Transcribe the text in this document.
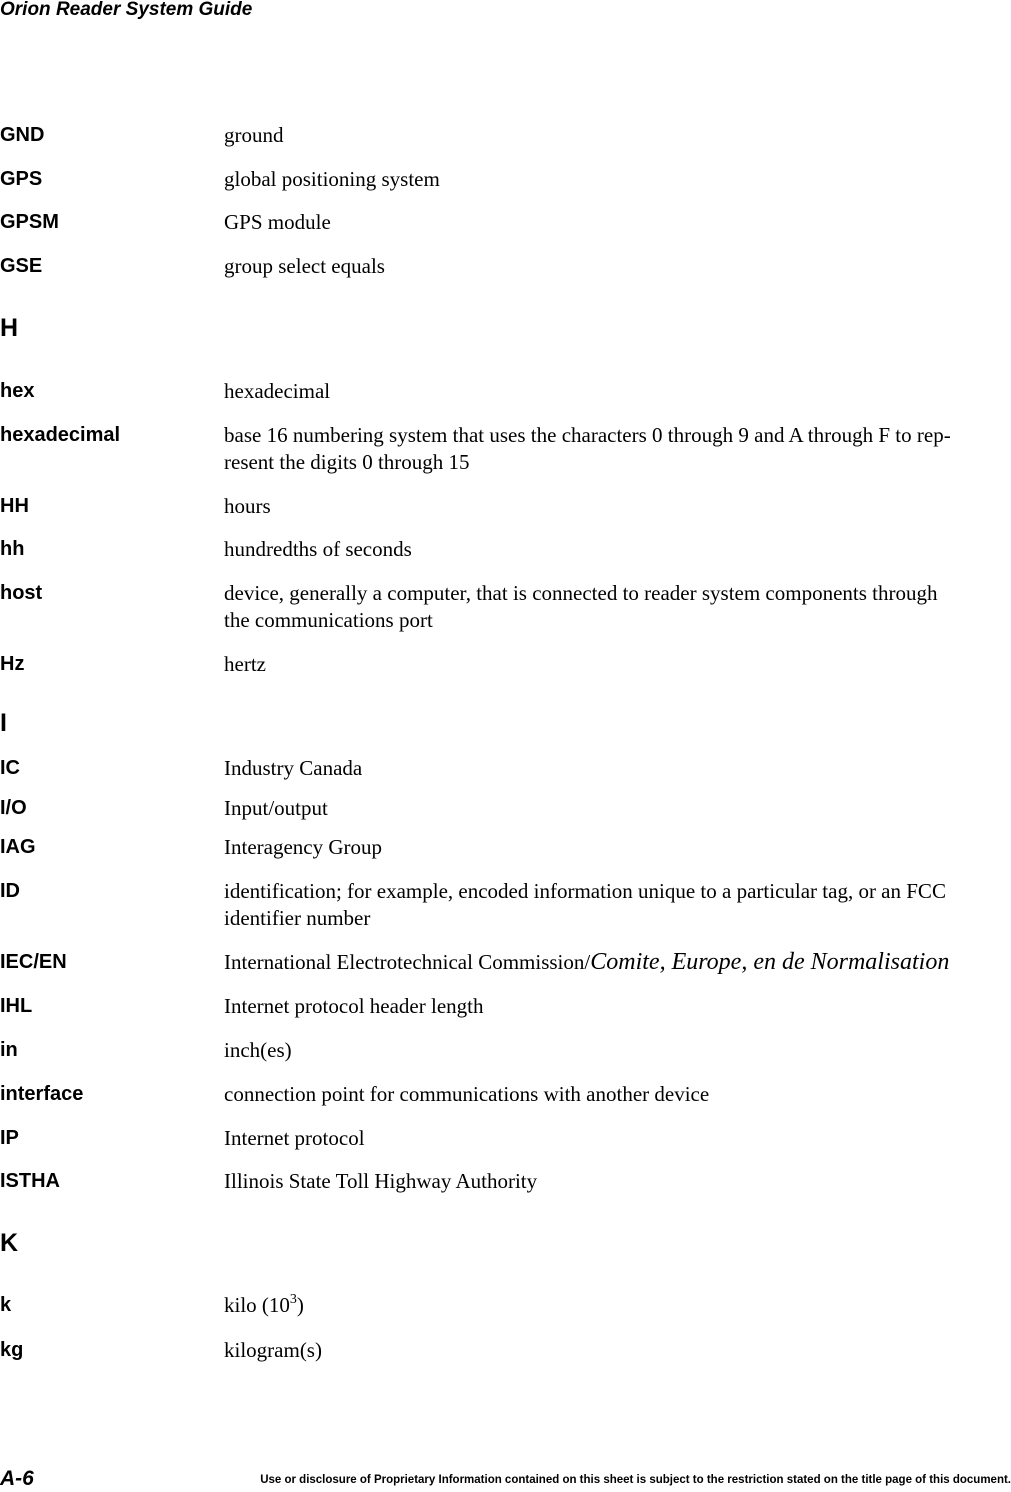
Orion Reader System Guide
GND	ground
GPS	global positioning system
GPSM	GPS module
GSE	group select equals
H
hex	hexadecimal
hexadecimal	base 16 numbering system that uses the characters 0 through 9 and A through F to rep-
resent the digits 0 through 15
HH	hours
hh	hundredths of seconds
host	device, generally a computer, that is connected to reader system components through
the communications port
Hz	hertz
I
IC	Industry Canada
I/O	Input/output
IAG	Interagency Group
ID	identification; for example, encoded information unique to a particular tag, or an FCC
identifier number
IEC/EN	International Electrotechnical Commission/Comite, Europe, en de Normalisation
IHL	Internet protocol header length
in	inch(es)
interface	connection point for communications with another device
IP	Internet protocol
ISTHA	Illinois State Toll Highway Authority
K
k	kilo $(10^3)$
kg	kilogram(s)
A-6	Use or disclosure of Proprietary Information contained on this sheet is subject to the restriction stated on the title page of this document.
